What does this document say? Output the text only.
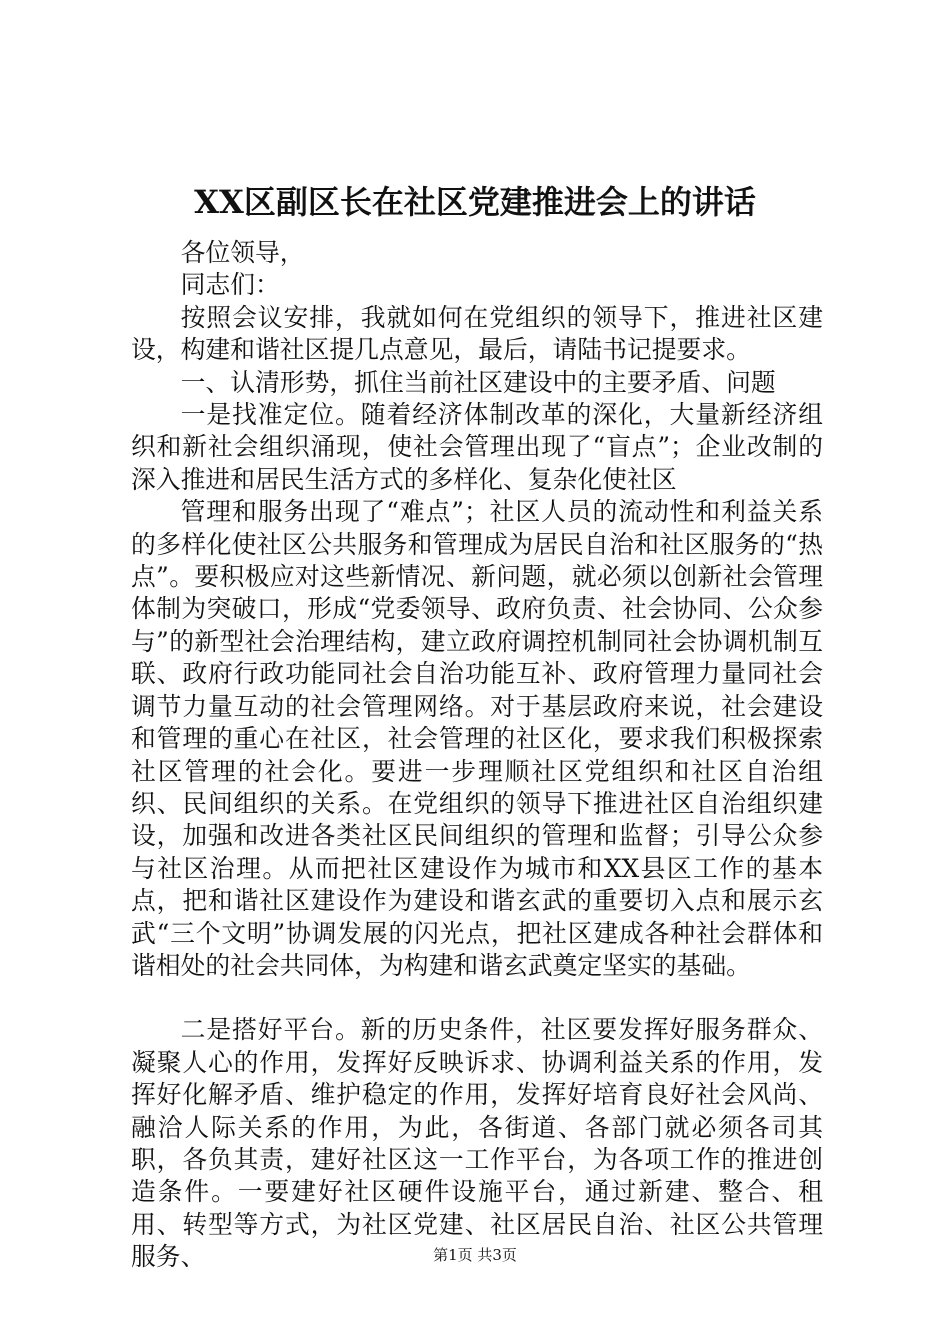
XX区副区长在社区党建推进会上的讲话

各位领导，

同志们：

按照会议安排，我就如何在党组织的领导下，推进社区建设，构建和谐社区提几点意见，最后，请陆书记提要求。

一、认清形势，抓住当前社区建设中的主要矛盾、问题

一是找准定位。随着经济体制改革的深化，大量新经济组织和新社会组织涌现，使社会管理出现了“盲点”；企业改制的深入推进和居民生活方式的多样化、复杂化使社区

管理和服务出现了“难点”；社区人员的流动性和利益关系的多样化使社区公共服务和管理成为居民自治和社区服务的“热点”。要积极应对这些新情况、新问题，就必须以创新社会管理体制为突破口，形成“党委领导、政府负责、社会协同、公众参与”的新型社会治理结构，建立政府调控机制同社会协调机制互联、政府行政功能同社会自治功能互补、政府管理力量同社会调节力量互动的社会管理网络。对于基层政府来说，社会建设和管理的重心在社区，社会管理的社区化，要求我们积极探索社区管理的社会化。要进一步理顺社区党组织和社区自治组织、民间组织的关系。在党组织的领导下推进社区自治组织建设，加强和改进各类社区民间组织的管理和监督；引导公众参与社区治理。从而把社区建设作为城市和XX县区工作的基本点，把和谐社区建设作为建设和谐玄武的重要切入点和展示玄武“三个文明”协调发展的闪光点，把社区建成各种社会群体和谐相处的社会共同体，为构建和谐玄武奠定坚实的基础。

二是搭好平台。新的历史条件，社区要发挥好服务群众、凝聚人心的作用，发挥好反映诉求、协调利益关系的作用，发挥好化解矛盾、维护稳定的作用，发挥好培育良好社会风尚、融洽人际关系的作用，为此，各街道、各部门就必须各司其职，各负其责，建好社区这一工作平台，为各项工作的推进创造条件。一要建好社区硬件设施平台，通过新建、整合、租用、转型等方式，为社区党建、社区居民自治、社区公共管理服务、	第1页 共3页
